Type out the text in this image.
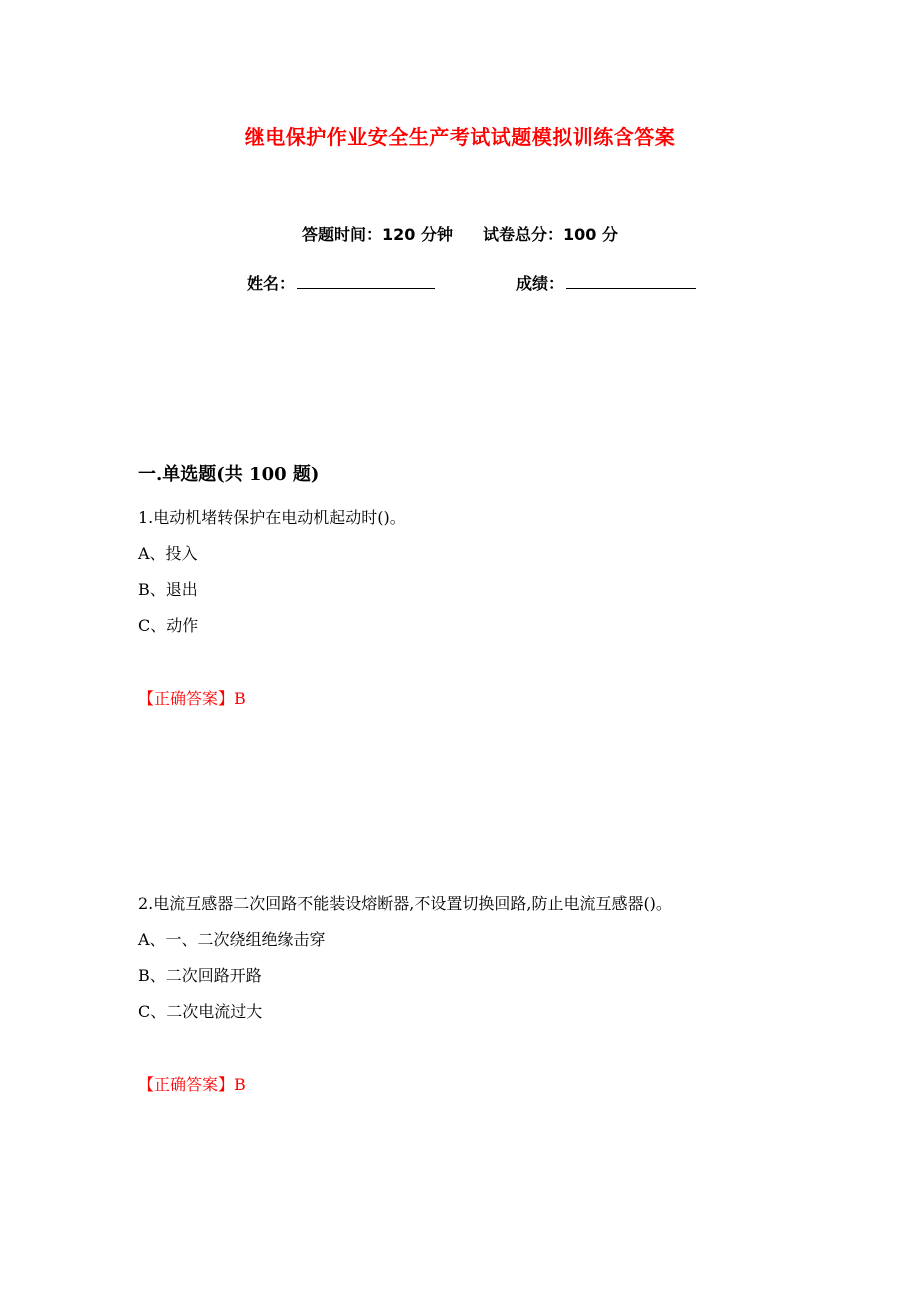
继电保护作业安全生产考试试题模拟训练含答案
答题时间：120 分钟 试卷总分：100 分
姓名：	成绩：
一.单选题(共 100 题)
1.电动机堵转保护在电动机起动时()。
A、投入
B、退出
C、动作
【正确答案】B
2.电流互感器二次回路不能装设熔断器,不设置切换回路,防止电流互感器()。
A、一、二次绕组绝缘击穿
B、二次回路开路
C、二次电流过大
【正确答案】B
